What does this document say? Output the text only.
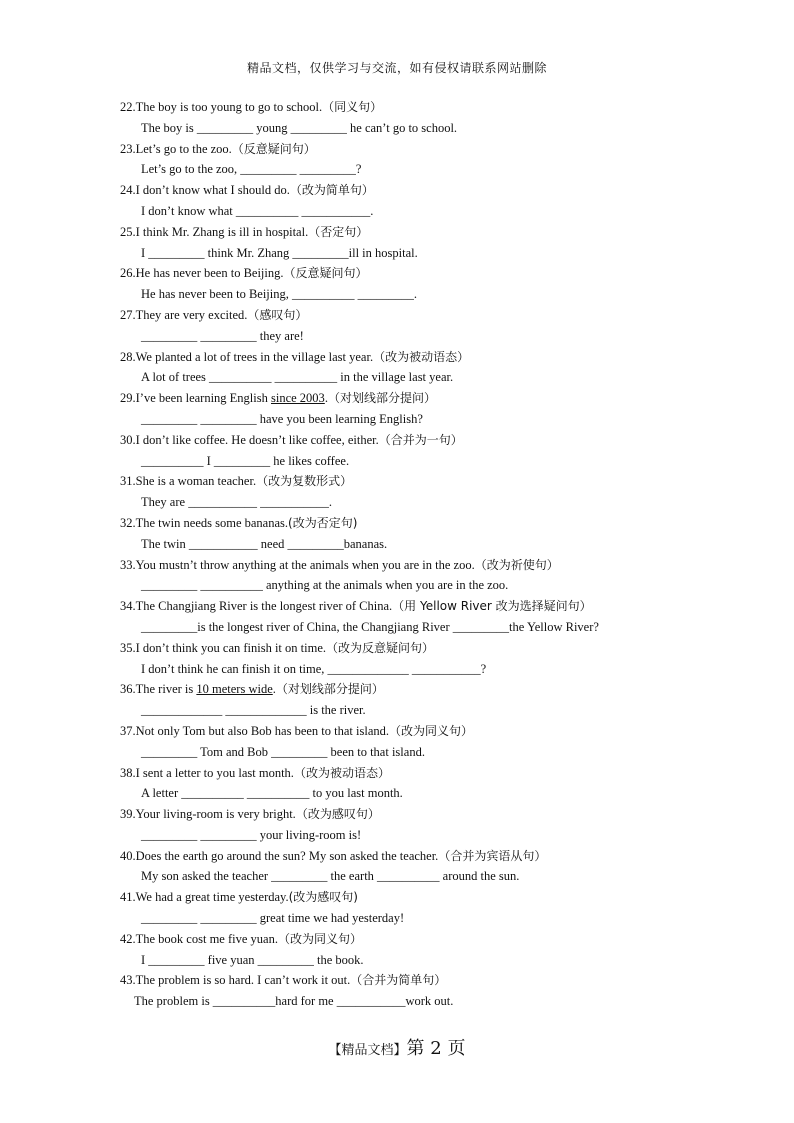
精品文档，仅供学习与交流，如有侵权请联系网站删除
22.The boy is too young to go to school.（同义句）
The boy is _________ young _________ he can’t go to school.
23.Let’s go to the zoo.（反意疑问句）
Let’s go to the zoo, _________ _________?
24.I don’t know what I should do.（改为简单句）
I don’t know what __________ ___________.
25.I think Mr. Zhang is ill in hospital.（否定句）
I _________ think Mr. Zhang _________ill in hospital.
26.He has never been to Beijing.（反意疑问句）
He has never been to Beijing, __________ _________.
27.They are very excited.（感叹句）
_________ _________ they are!
28.We planted a lot of trees in the village last year.（改为被动语态）
A lot of trees __________ __________ in the village last year.
29.I’ve been learning English since 2003.（对划线部分提问）
_________ _________ have you been learning English?
30.I don’t like coffee. He doesn’t like coffee, either.（合并为一句）
__________ I _________ he likes coffee.
31.She is a woman teacher.（改为复数形式）
They are ___________ ___________.
32.The twin needs some bananas.(改为否定句)
The twin ___________ need _________bananas.
33.You mustn’t throw anything at the animals when you are in the zoo.（改为祈使句）
_________ __________ anything at the animals when you are in the zoo.
34.The Changjiang River is the longest river of China.（用 Yellow River 改为选择疑问句）
_________is the longest river of China, the Changjiang River _________the Yellow River?
35.I don’t think you can finish it on time.（改为反意疑问句）
I don’t think he can finish it on time, _____________ ___________?
36.The river is 10 meters wide.（对划线部分提问）
_____________ _____________ is the river.
37.Not only Tom but also Bob has been to that island.（改为同义句）
_________ Tom and Bob _________ been to that island.
38.I sent a letter to you last month.（改为被动语态）
A letter __________ __________ to you last month.
39.Your living-room is very bright.（改为感叹句）
_________ _________ your living-room is!
40.Does the earth go around the sun? My son asked the teacher.（合并为宾语从句）
My son asked the teacher _________ the earth __________ around the sun.
41.We had a great time yesterday.(改为感叹句)
_________ _________ great time we had yesterday!
42.The book cost me five yuan.（改为同义句）
I _________ five yuan _________ the book.
43.The problem is so hard. I can’t work it out.（合并为简单句）
The problem is __________hard for me ___________work out.
【精品文档】第 2 页
